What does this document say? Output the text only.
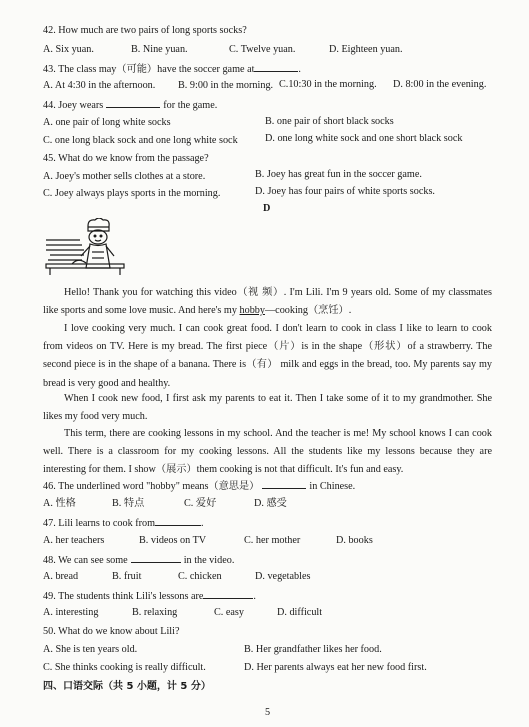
42. How much are two pairs of long sports socks?
A. Six yuan.	B. Nine yuan.	C. Twelve yuan.	D. Eighteen yuan.
43. The class may（可能）have the soccer game at	.
A. At 4:30 in the afternoon. B. 9:00 in the morning. C.10:30 in the morning. D. 8:00 in the evening.
44. Joey wears	for the game.
A. one pair of long white socks	B. one pair of short black socks
C. one long black sock and one long white sock	D. one long white sock and one short black sock
45. What do we know from the passage?
A. Joey's mother sells clothes at a store.	B. Joey has great fun in the soccer game.
C. Joey always plays sports in the morning.	D. Joey has four pairs of white sports socks.
D
Hello! Thank you for watching this video（视 频）. I'm Lili. I'm 9 years old. Some of my classmates like sports and some love music. And here's my hobby—cooking（烹饪）.
I love cooking very much. I can cook great food. I don't learn to cook in class I like to learn to cook from videos on TV. Here is my bread. The first piece（片）is in the shape（形状）of a strawberry. The second piece is in the shape of a banana. There is（有） milk and eggs in the bread, too. My parents say my bread is very good and healthy.
When I cook new food, I first ask my parents to eat it. Then I take some of it to my grandmother. She likes my food very much.
This term, there are cooking lessons in my school. And the teacher is me! My school knows I can cook well. There is a classroom for my cooking lessons. All the students like my lessons because they are interesting for them. I show（展示）them cooking is not that difficult. It's fun and easy.
46. The underlined word "hobby" means（意思是）	in Chinese.
A. 性格	B. 特点	C. 爱好	D. 感受
47. Lili learns to cook from	.
A. her teachers	B. videos on TV	C. her mother	D. books
48. We can see some	in the video.
A. bread	B. fruit	C. chicken	D. vegetables
49. The students think Lili's lessons are	.
A. interesting	B. relaxing	C. easy	D. difficult
50. What do we know about Lili?
A. She is ten years old.	B. Her grandfather likes her food.
C. She thinks cooking is really difficult.	D. Her parents always eat her new food first.
四、口语交际（共 5 小题，计 5 分）
5
